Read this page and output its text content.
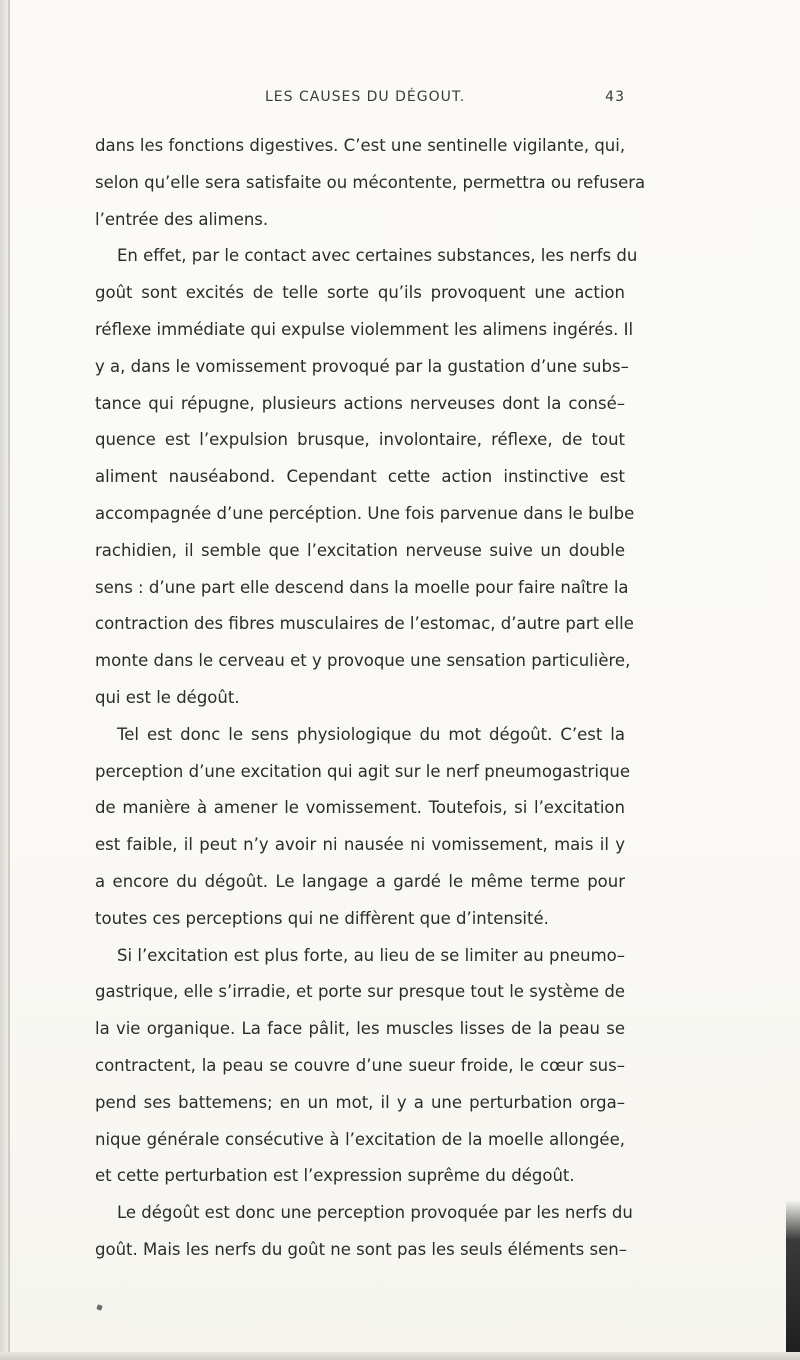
LES CAUSES DU DÉGOUT.	43
dans les fonctions digestives. C’est une sentinelle vigilante, qui,
selon qu’elle sera satisfaite ou mécontente, permettra ou refusera
l’entrée des alimens.
En effet, par le contact avec certaines substances, les nerfs du
goût sont excités de telle sorte qu’ils provoquent une action
réflexe immédiate qui expulse violemment les alimens ingérés. Il
y a, dans le vomissement provoqué par la gustation d’une subs–
tance qui répugne, plusieurs actions nerveuses dont la consé–
quence est l’expulsion brusque, involontaire, réflexe, de tout
aliment nauséabond. Cependant cette action instinctive est
accompagnée d’une percéption. Une fois parvenue dans le bulbe
rachidien, il semble que l’excitation nerveuse suive un double
sens : d’une part elle descend dans la moelle pour faire naître la
contraction des fibres musculaires de l’estomac, d’autre part elle
monte dans le cerveau et y provoque une sensation particulière,
qui est le dégoût.
Tel est donc le sens physiologique du mot dégoût. C’est la
perception d’une excitation qui agit sur le nerf pneumogastrique
de manière à amener le vomissement. Toutefois, si l’excitation
est faible, il peut n’y avoir ni nausée ni vomissement, mais il y
a encore du dégoût. Le langage a gardé le même terme pour
toutes ces perceptions qui ne diffèrent que d’intensité.
Si l’excitation est plus forte, au lieu de se limiter au pneumo–
gastrique, elle s’irradie, et porte sur presque tout le système de
la vie organique. La face pâlit, les muscles lisses de la peau se
contractent, la peau se couvre d’une sueur froide, le cœur sus–
pend ses battemens; en un mot, il y a une perturbation orga–
nique générale consécutive à l’excitation de la moelle allongée,
et cette perturbation est l’expression suprême du dégoût.
Le dégoût est donc une perception provoquée par les nerfs du
goût. Mais les nerfs du goût ne sont pas les seuls éléments sen–
